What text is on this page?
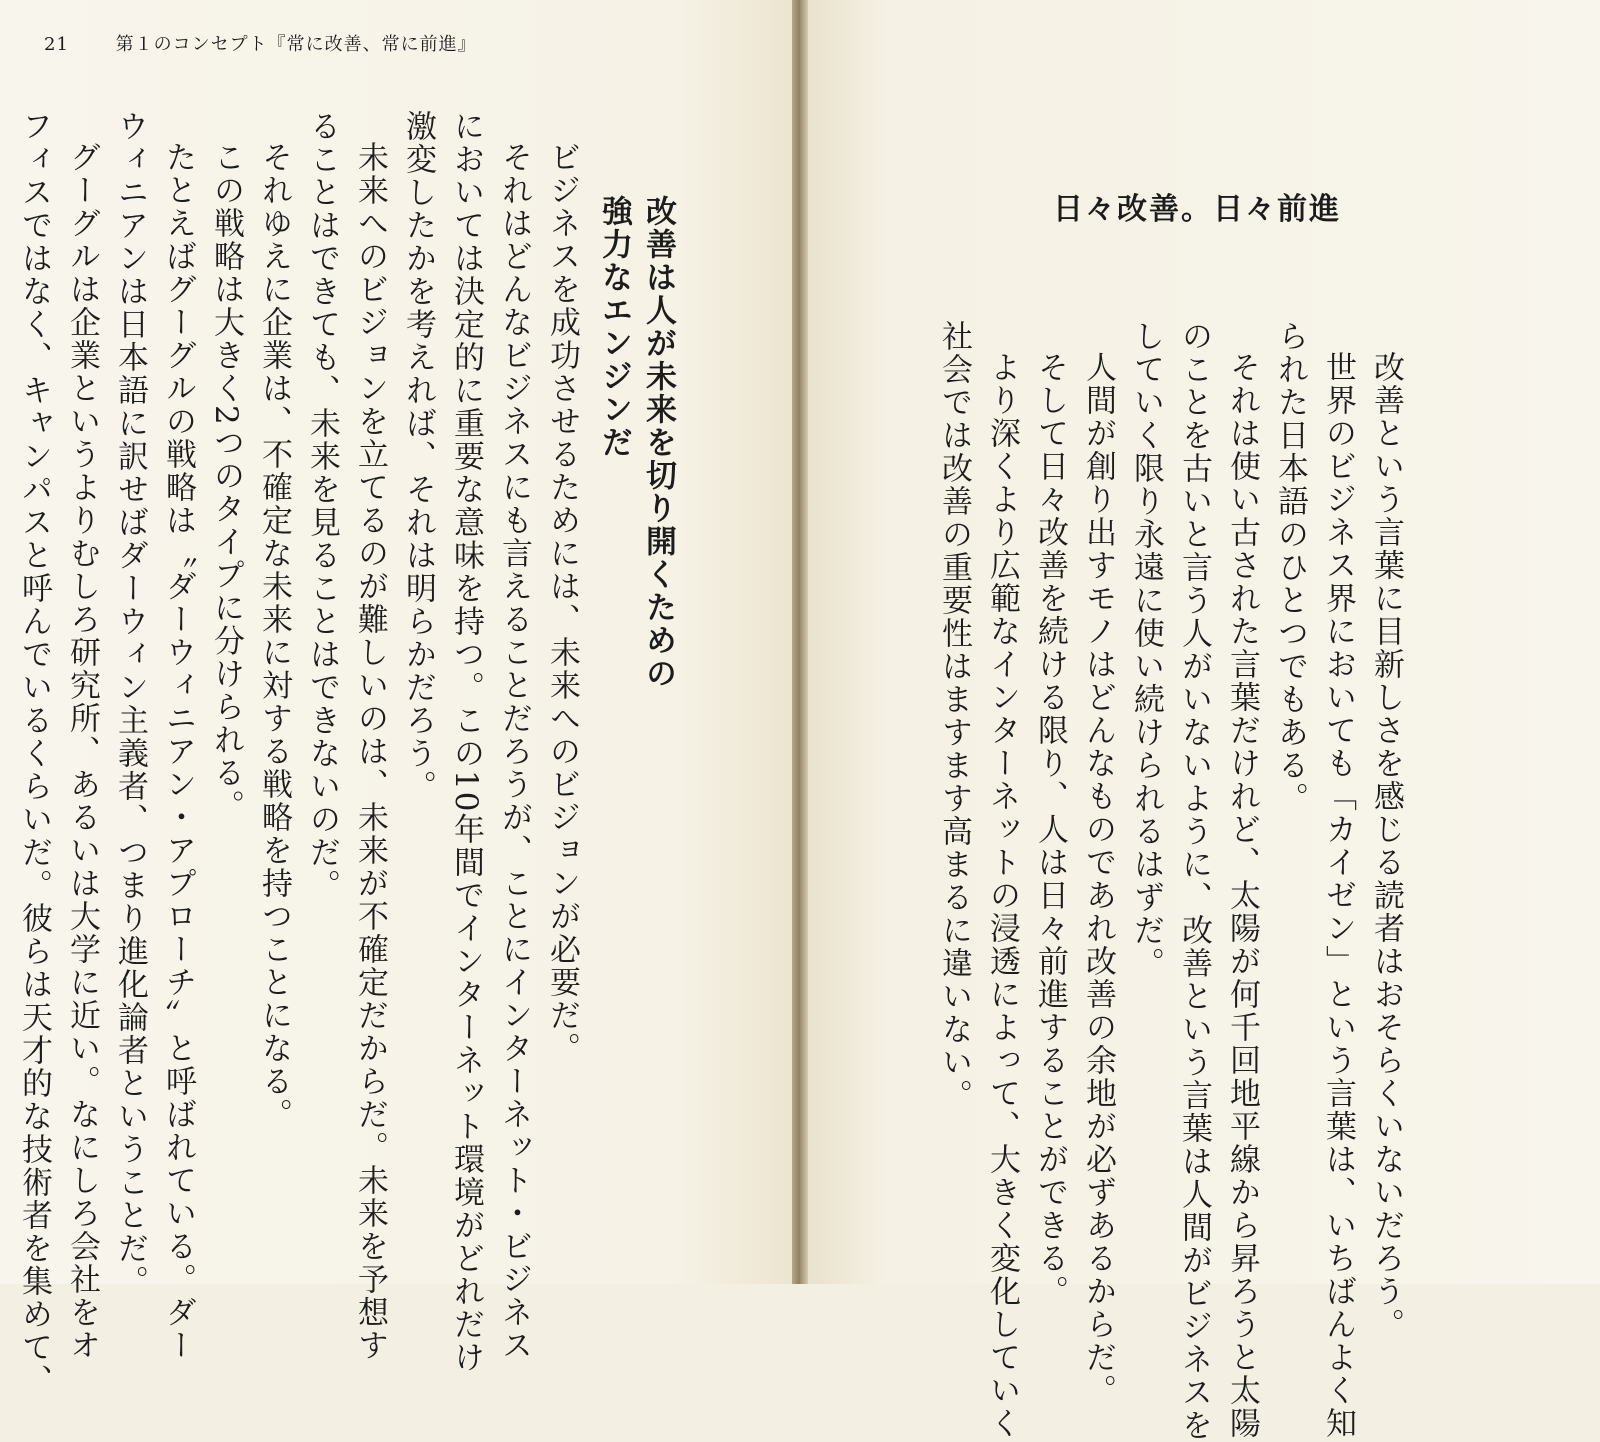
21	第１のコンセプト『常に改善、常に前進』

改善は人が未来を切り開くための

強力なエンジンだ

ビジネスを成功させるためには、未来へのビジョンが必要だ。

それはどんなビジネスにも言えることだろうが、ことにインターネット・ビジネス

においては決定的に重要な意味を持つ。この10年間でインターネット環境がどれだけ

激変したかを考えれば、それは明らかだろう。

未来へのビジョンを立てるのが難しいのは、未来が不確定だからだ。未来を予想す

ることはできても、未来を見ることはできないのだ。

それゆえに企業は、不確定な未来に対する戦略を持つことになる。

この戦略は大きく2つのタイプに分けられる。

たとえばグーグルの戦略は〝ダーウィニアン・アプローチ〟と呼ばれている。ダー

ウィニアンは日本語に訳せばダーウィン主義者、つまり進化論者ということだ。

グーグルは企業というよりむしろ研究所、あるいは大学に近い。なにしろ会社をオ

フィスではなく、キャンパスと呼んでいるくらいだ。彼らは天才的な技術者を集めて、	日々改善。日々前進

改善という言葉に目新しさを感じる読者はおそらくいないだろう。

世界のビジネス界においても「カイゼン」という言葉は、いちばんよく知

られた日本語のひとつでもある。

それは使い古された言葉だけれど、太陽が何千回地平線から昇ろうと太陽

のことを古いと言う人がいないように、改善という言葉は人間がビジネスを

していく限り永遠に使い続けられるはずだ。

人間が創り出すモノはどんなものであれ改善の余地が必ずあるからだ。

そして日々改善を続ける限り、人は日々前進することができる。

より深くより広範なインターネットの浸透によって、大きく変化していく

社会では改善の重要性はますます高まるに違いない。
